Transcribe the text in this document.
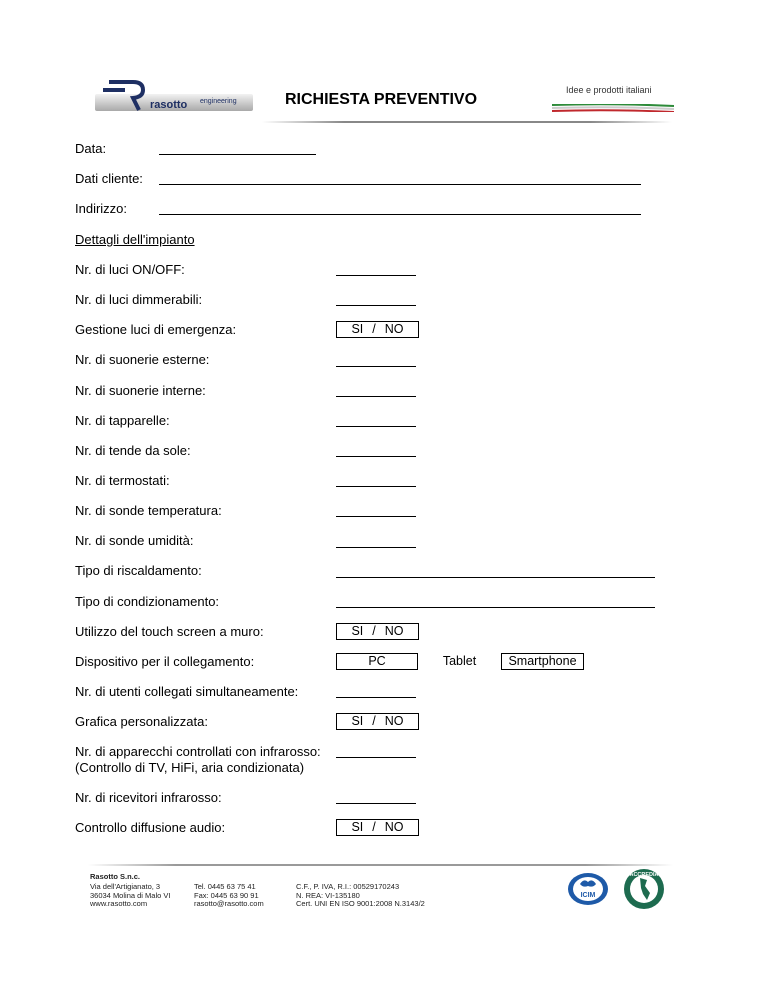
rasotto engineering	RICHIESTA PREVENTIVO
Idee e prodotti italiani
Data:
Dati cliente:
Indirizzo:
Dettagli dell'impianto
Nr. di luci ON/OFF:
Nr. di luci dimmerabili:
Gestione luci di emergenza:	SI / NO
Nr. di suonerie esterne:
Nr. di suonerie interne:
Nr. di tapparelle:
Nr. di tende da sole:
Nr. di termostati:
Nr. di sonde temperatura:
Nr. di sonde umidità:
Tipo di riscaldamento:
Tipo di condizionamento:
Utilizzo del touch screen a muro:	SI / NO
Dispositivo per il collegamento:	PC	Tablet	Smartphone
Nr. di utenti collegati simultaneamente:
Grafica personalizzata:	SI / NO
Nr. di apparecchi controllati con infrarosso:
(Controllo di TV, HiFi, aria condizionata)
Nr. di ricevitori infrarosso:
Controllo diffusione audio:	SI / NO
Rasotto S.n.c.
Via dell'Artigianato, 3
36034 Molina di Malo VI
www.rasotto.com
Tel. 0445 63 75 41
Fax: 0445 63 90 91
rasotto@rasotto.com
C.F., P. IVA, R.I.: 00529170243
N. REA: VI-135180
Cert. UNI EN ISO 9001:2008 N.3143/2
ICIM
ACCREDIA
